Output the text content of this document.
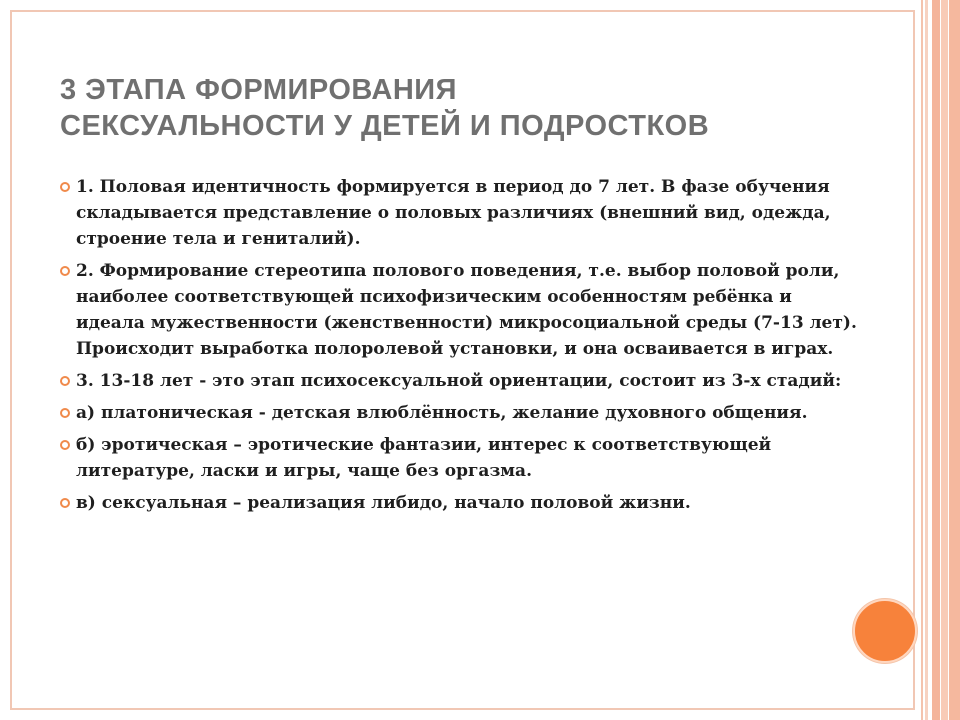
3 ЭТАПА ФОРМИРОВАНИЯ
СЕКСУАЛЬНОСТИ У ДЕТЕЙ И ПОДРОСТКОВ
1. Половая идентичность формируется в период до 7 лет. В фазе обучения складывается представление о половых различиях (внешний вид, одежда, строение тела и гениталий).
2. Формирование стереотипа полового поведения, т.е. выбор половой роли, наиболее соответствующей психофизическим особенностям ребёнка и идеала мужественности (женственности) микросоциальной среды (7-13 лет). Происходит выработка полоролевой установки, и она осваивается в играх.
3. 13-18 лет - это этап психосексуальной ориентации, состоит из 3-х стадий:
а) платоническая - детская влюблённость, желание духовного общения.
б) эротическая – эротические фантазии, интерес к соответствующей литературе, ласки и игры, чаще без оргазма.
в) сексуальная – реализация либидо, начало половой жизни.
